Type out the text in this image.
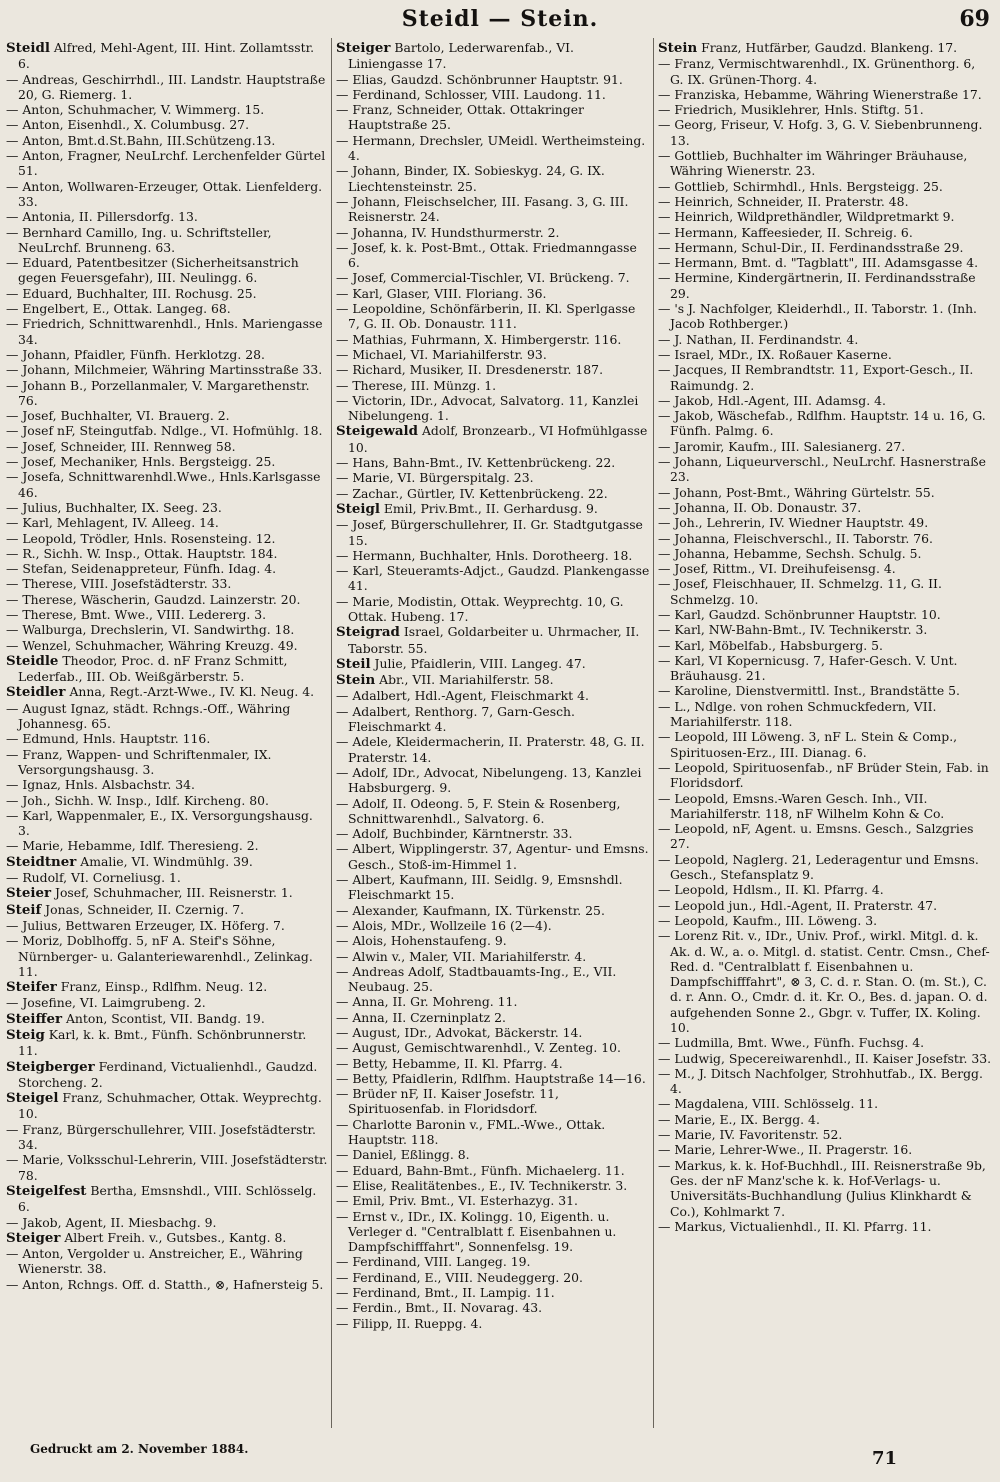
Steidl — Stein.	69

Steidl Alfred, Mehl-Agent, III. Hint. Zollamtsstr. 6.

— Andreas, Geschirrhdl., III. Landstr. Hauptstraße 20, G. Riemerg. 1.

— Anton, Schuhmacher, V. Wimmerg. 15.

— Anton, Eisenhdl., X. Columbusg. 27.

— Anton, Bmt.d.St.Bahn, III.Schützeng.13.

— Anton, Fragner, NeuLrchf. Lerchenfelder Gürtel 51.

— Anton, Wollwaren-Erzeuger, Ottak. Lienfelderg. 33.

— Antonia, II. Pillersdorfg. 13.

— Bernhard Camillo, Ing. u. Schriftsteller, NeuLrchf. Brunneng. 63.

— Eduard, Patentbesitzer (Sicherheitsanstrich gegen Feuersgefahr), III. Neulingg. 6.

— Eduard, Buchhalter, III. Rochusg. 25.

— Engelbert, E., Ottak. Langeg. 68.

— Friedrich, Schnittwarenhdl., Hnls. Mariengasse 34.

— Johann, Pfaidler, Fünfh. Herklotzg. 28.

— Johann, Milchmeier, Währing Martinsstraße 33.

— Johann B., Porzellanmaler, V. Margarethenstr. 76.

— Josef, Buchhalter, VI. Brauerg. 2.

— Josef nF, Steingutfab. Ndlge., VI. Hofmühlg. 18.

— Josef, Schneider, III. Rennweg 58.

— Josef, Mechaniker, Hnls. Bergsteigg. 25.

— Josefa, Schnittwarenhdl.Wwe., Hnls.Karlsgasse 46.

— Julius, Buchhalter, IX. Seeg. 23.

— Karl, Mehlagent, IV. Alleeg. 14.

— Leopold, Trödler, Hnls. Rosensteing. 12.

— R., Sichh. W. Insp., Ottak. Hauptstr. 184.

— Stefan, Seidenappreteur, Fünfh. Idag. 4.

— Therese, VIII. Josefstädterstr. 33.

— Therese, Wäscherin, Gaudzd. Lainzerstr. 20.

— Therese, Bmt. Wwe., VIII. Ledererg. 3.

— Walburga, Drechslerin, VI. Sandwirthg. 18.

— Wenzel, Schuhmacher, Währing Kreuzg. 49.

Steidle Theodor, Proc. d. nF Franz Schmitt, Lederfab., III. Ob. Weißgärberstr. 5.

Steidler Anna, Regt.-Arzt-Wwe., IV. Kl. Neug. 4.

— August Ignaz, städt. Rchngs.-Off., Währing Johannesg. 65.

— Edmund, Hnls. Hauptstr. 116.

— Franz, Wappen- und Schriftenmaler, IX. Versorgungshausg. 3.

— Ignaz, Hnls. Alsbachstr. 34.

— Joh., Sichh. W. Insp., Idlf. Kircheng. 80.

— Karl, Wappenmaler, E., IX. Versorgungshausg. 3.

— Marie, Hebamme, Idlf. Theresieng. 2.

Steidtner Amalie, VI. Windmühlg. 39.

— Rudolf, VI. Corneliusg. 1.

Steier Josef, Schuhmacher, III. Reisnerstr. 1.

Steif Jonas, Schneider, II. Czernig. 7.

— Julius, Bettwaren Erzeuger, IX. Höferg. 7.

— Moriz, Doblhoffg. 5, nF A. Steif's Söhne, Nürnberger- u. Galanteriewarenhdl., Zelinkag. 11.

Steifer Franz, Einsp., Rdlfhm. Neug. 12.

— Josefine, VI. Laimgrubeng. 2.

Steiffer Anton, Scontist, VII. Bandg. 19.

Steig Karl, k. k. Bmt., Fünfh. Schönbrunnerstr. 11.

Steigberger Ferdinand, Victualienhdl., Gaudzd. Storcheng. 2.

Steigel Franz, Schuhmacher, Ottak. Weyprechtg. 10.

— Franz, Bürgerschullehrer, VIII. Josefstädterstr. 34.

— Marie, Volksschul-Lehrerin, VIII. Josefstädterstr. 78.

Steigelfest Bertha, Emsnshdl., VIII. Schlösselg. 6.

— Jakob, Agent, II. Miesbachg. 9.

Steiger Albert Freih. v., Gutsbes., Kantg. 8.

— Anton, Vergolder u. Anstreicher, E., Währing Wienerstr. 38.

— Anton, Rchngs. Off. d. Statth., ⊗, Hafnersteig 5.

Steiger Bartolo, Lederwarenfab., VI. Liniengasse 17.

— Elias, Gaudzd. Schönbrunner Hauptstr. 91.

— Ferdinand, Schlosser, VIII. Laudong. 11.

— Franz, Schneider, Ottak. Ottakringer Hauptstraße 25.

— Hermann, Drechsler, UMeidl. Wertheimsteing. 4.

— Johann, Binder, IX. Sobieskyg. 24, G. IX. Liechtensteinstr. 25.

— Johann, Fleischselcher, III. Fasang. 3, G. III. Reisnerstr. 24.

— Johanna, IV. Hundsthurmerstr. 2.

— Josef, k. k. Post-Bmt., Ottak. Friedmanngasse 6.

— Josef, Commercial-Tischler, VI. Brückeng. 7.

— Karl, Glaser, VIII. Floriang. 36.

— Leopoldine, Schönfärberin, II. Kl. Sperlgasse 7, G. II. Ob. Donaustr. 111.

— Mathias, Fuhrmann, X. Himbergerstr. 116.

— Michael, VI. Mariahilferstr. 93.

— Richard, Musiker, II. Dresdenerstr. 187.

— Therese, III. Münzg. 1.

— Victorin, IDr., Advocat, Salvatorg. 11, Kanzlei Nibelungeng. 1.

Steigewald Adolf, Bronzearb., VI Hofmühlgasse 10.

— Hans, Bahn-Bmt., IV. Kettenbrückeng. 22.

— Marie, VI. Bürgerspitalg. 23.

— Zachar., Gürtler, IV. Kettenbrückeng. 22.

Steigl Emil, Priv.Bmt., II. Gerhardusg. 9.

— Josef, Bürgerschullehrer, II. Gr. Stadtgutgasse 15.

— Hermann, Buchhalter, Hnls. Dorotheerg. 18.

— Karl, Steueramts-Adjct., Gaudzd. Plankengasse 41.

— Marie, Modistin, Ottak. Weyprechtg. 10, G. Ottak. Hubeng. 17.

Steigrad Israel, Goldarbeiter u. Uhrmacher, II. Taborstr. 55.

Steil Julie, Pfaidlerin, VIII. Langeg. 47.

Stein Abr., VII. Mariahilferstr. 58.

— Adalbert, Hdl.-Agent, Fleischmarkt 4.

— Adalbert, Renthorg. 7, Garn-Gesch. Fleischmarkt 4.

— Adele, Kleidermacherin, II. Praterstr. 48, G. II. Praterstr. 14.

— Adolf, IDr., Advocat, Nibelungeng. 13, Kanzlei Habsburgerg. 9.

— Adolf, II. Odeong. 5, F. Stein & Rosenberg, Schnittwarenhdl., Salvatorg. 6.

— Adolf, Buchbinder, Kärntnerstr. 33.

— Albert, Wipplingerstr. 37, Agentur- und Emsns. Gesch., Stoß-im-Himmel 1.

— Albert, Kaufmann, III. Seidlg. 9, Emsnshdl. Fleischmarkt 15.

— Alexander, Kaufmann, IX. Türkenstr. 25.

— Alois, MDr., Wollzeile 16 (2—4).

— Alois, Hohenstaufeng. 9.

— Alwin v., Maler, VII. Mariahilferstr. 4.

— Andreas Adolf, Stadtbauamts-Ing., E., VII. Neubaug. 25.

— Anna, II. Gr. Mohreng. 11.

— Anna, II. Czerninplatz 2.

— August, IDr., Advokat, Bäckerstr. 14.

— August, Gemischtwarenhdl., V. Zenteg. 10.

— Betty, Hebamme, II. Kl. Pfarrg. 4.

— Betty, Pfaidlerin, Rdlfhm. Hauptstraße 14—16.

— Brüder nF, II. Kaiser Josefstr. 11, Spirituosenfab. in Floridsdorf.

— Charlotte Baronin v., FML.-Wwe., Ottak. Hauptstr. 118.

— Daniel, Eßlingg. 8.

— Eduard, Bahn-Bmt., Fünfh. Michaelerg. 11.

— Elise, Realitätenbes., E., IV. Technikerstr. 3.

— Emil, Priv. Bmt., VI. Esterhazyg. 31.

— Ernst v., IDr., IX. Kolingg. 10, Eigenth. u. Verleger d. "Centralblatt f. Eisenbahnen u. Dampfschifffahrt", Sonnenfelsg. 19.

— Ferdinand, VIII. Langeg. 19.

— Ferdinand, E., VIII. Neudeggerg. 20.

— Ferdinand, Bmt., II. Lampig. 11.

— Ferdin., Bmt., II. Novarag. 43.

— Filipp, II. Rueppg. 4.

Stein Franz, Hutfärber, Gaudzd. Blankeng. 17.

— Franz, Vermischtwarenhdl., IX. Grünenthorg. 6, G. IX. Grünen-Thorg. 4.

— Franziska, Hebamme, Währing Wienerstraße 17.

— Friedrich, Musiklehrer, Hnls. Stiftg. 51.

— Georg, Friseur, V. Hofg. 3, G. V. Siebenbrunneng. 13.

— Gottlieb, Buchhalter im Währinger Bräuhause, Währing Wienerstr. 23.

— Gottlieb, Schirmhdl., Hnls. Bergsteigg. 25.

— Heinrich, Schneider, II. Praterstr. 48.

— Heinrich, Wildprethändler, Wildpretmarkt 9.

— Hermann, Kaffeesieder, II. Schreig. 6.

— Hermann, Schul-Dir., II. Ferdinandsstraße 29.

— Hermann, Bmt. d. "Tagblatt", III. Adamsgasse 4.

— Hermine, Kindergärtnerin, II. Ferdinandsstraße 29.

— 's J. Nachfolger, Kleiderhdl., II. Taborstr. 1. (Inh. Jacob Rothberger.)

— J. Nathan, II. Ferdinandstr. 4.

— Israel, MDr., IX. Roßauer Kaserne.

— Jacques, II Rembrandtstr. 11, Export-Gesch., II. Raimundg. 2.

— Jakob, Hdl.-Agent, III. Adamsg. 4.

— Jakob, Wäschefab., Rdlfhm. Hauptstr. 14 u. 16, G. Fünfh. Palmg. 6.

— Jaromir, Kaufm., III. Salesianerg. 27.

— Johann, Liqueurverschl., NeuLrchf. Hasnerstraße 23.

— Johann, Post-Bmt., Währing Gürtelstr. 55.

— Johanna, II. Ob. Donaustr. 37.

— Joh., Lehrerin, IV. Wiedner Hauptstr. 49.

— Johanna, Fleischverschl., II. Taborstr. 76.

— Johanna, Hebamme, Sechsh. Schulg. 5.

— Josef, Rittm., VI. Dreihufeisensg. 4.

— Josef, Fleischhauer, II. Schmelzg. 11, G. II. Schmelzg. 10.

— Karl, Gaudzd. Schönbrunner Hauptstr. 10.

— Karl, NW-Bahn-Bmt., IV. Technikerstr. 3.

— Karl, Möbelfab., Habsburgerg. 5.

— Karl, VI Kopernicusg. 7, Hafer-Gesch. V. Unt. Bräuhausg. 21.

— Karoline, Dienstvermittl. Inst., Brandstätte 5.

— L., Ndlge. von rohen Schmuckfedern, VII. Mariahilferstr. 118.

— Leopold, III Löweng. 3, nF L. Stein & Comp., Spirituosen-Erz., III. Dianag. 6.

— Leopold, Spirituosenfab., nF Brüder Stein, Fab. in Floridsdorf.

— Leopold, Emsns.-Waren Gesch. Inh., VII. Mariahilferstr. 118, nF Wilhelm Kohn & Co.

— Leopold, nF, Agent. u. Emsns. Gesch., Salzgries 27.

— Leopold, Naglerg. 21, Lederagentur und Emsns. Gesch., Stefansplatz 9.

— Leopold, Hdlsm., II. Kl. Pfarrg. 4.

— Leopold jun., Hdl.-Agent, II. Praterstr. 47.

— Leopold, Kaufm., III. Löweng. 3.

— Lorenz Rit. v., IDr., Univ. Prof., wirkl. Mitgl. d. k. Ak. d. W., a. o. Mitgl. d. statist. Centr. Cmsn., Chef-Red. d. "Centralblatt f. Eisenbahnen u. Dampfschifffahrt", ⊗ 3, C. d. r. Stan. O. (m. St.), C. d. r. Ann. O., Cmdr. d. it. Kr. O., Bes. d. japan. O. d. aufgehenden Sonne 2., Gbgr. v. Tuffer, IX. Koling. 10.

— Ludmilla, Bmt. Wwe., Fünfh. Fuchsg. 4.

— Ludwig, Specereiwarenhdl., II. Kaiser Josefstr. 33.

— M., J. Ditsch Nachfolger, Strohhutfab., IX. Bergg. 4.

— Magdalena, VIII. Schlösselg. 11.

— Marie, E., IX. Bergg. 4.

— Marie, IV. Favoritenstr. 52.

— Marie, Lehrer-Wwe., II. Pragerstr. 16.

— Markus, k. k. Hof-Buchhdl., III. Reisnerstraße 9b, Ges. der nF Manz'sche k. k. Hof-Verlags- u. Universitäts-Buchhandlung (Julius Klinkhardt & Co.), Kohlmarkt 7.

— Markus, Victualienhdl., II. Kl. Pfarrg. 11.

Gedruckt am 2. November 1884.	71
